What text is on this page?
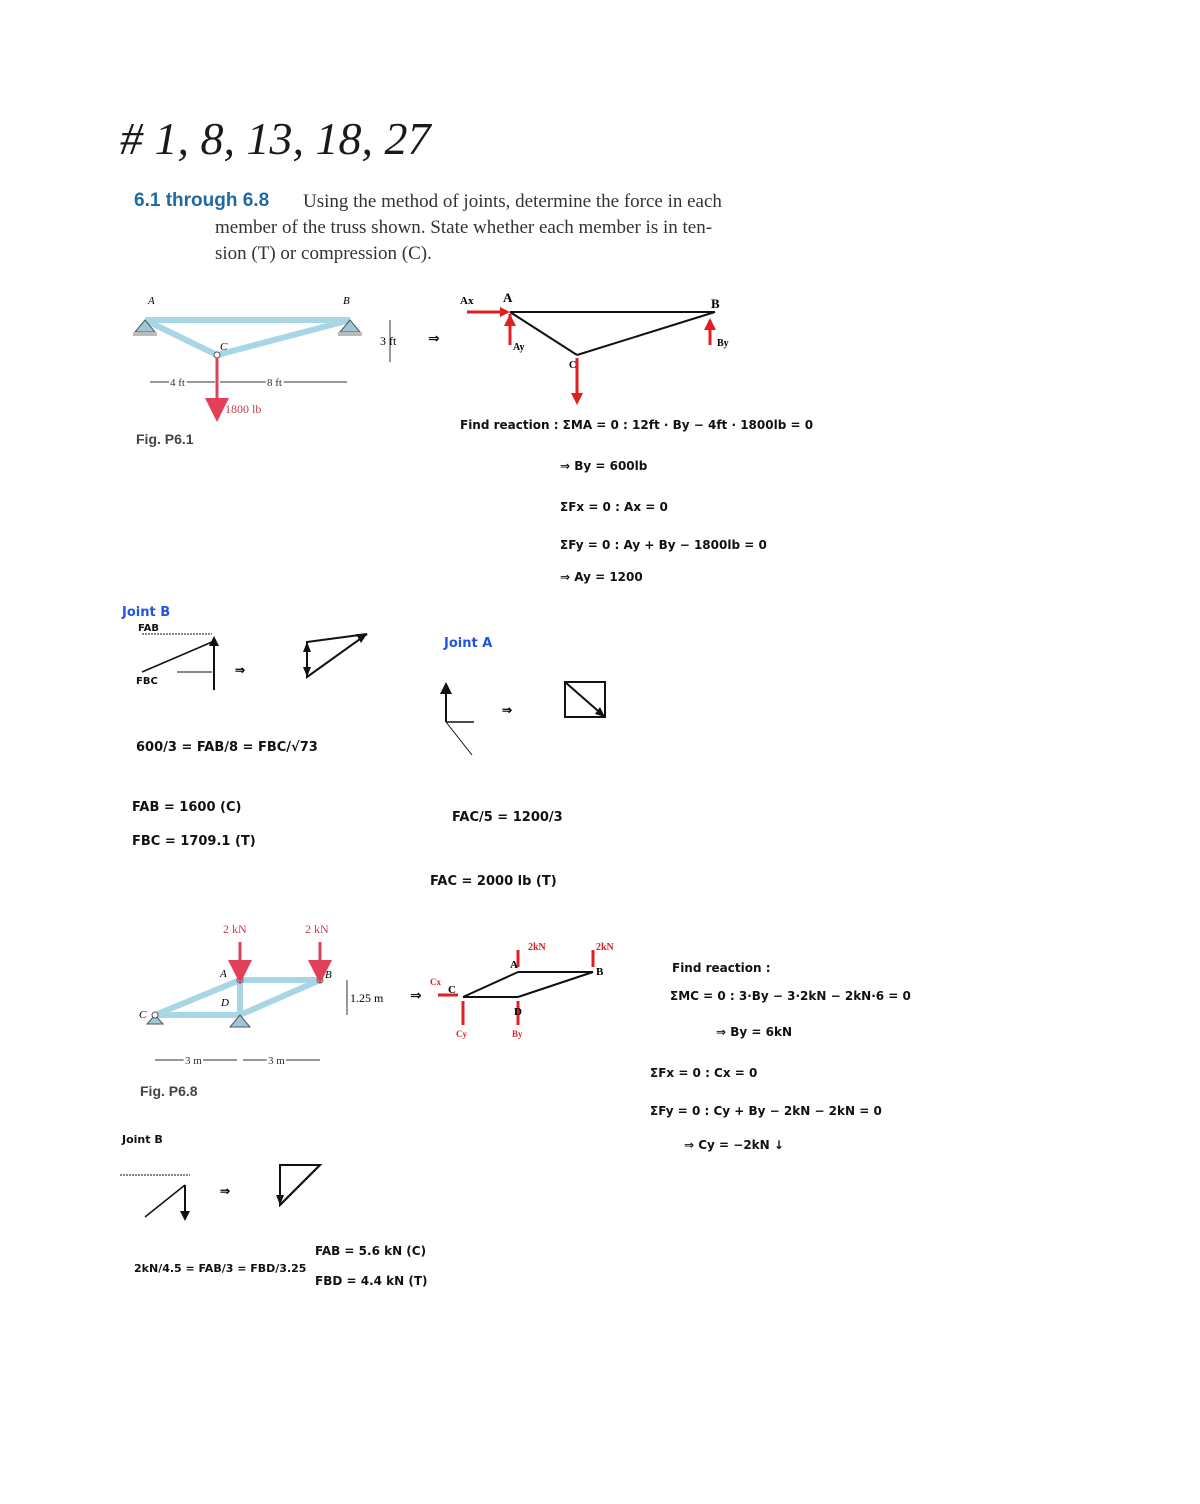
# 1, 8, 13, 18, 27
6.1 through 6.8 Using the method of joints, determine the force in each
member of the truss shown. State whether each member is in ten-
sion (T) or compression (C).
A	B
C	3 ft
4 ft	8 ft
1800 lb
Fig. P6.1
Ax A
Ay
B
By
C
⇒
Find reaction : ΣMA = 0 : 12ft · By − 4ft · 1800lb = 0
⇒ By = 600lb
ΣFx = 0 : Ax = 0
ΣFy = 0 : Ay + By − 1800lb = 0
⇒ Ay = 1200
Joint B
⇒
FAB
FBC
600/3 = FAB/8 = FBC/√73
FAB = 1600 (C)
FBC = 1709.1 (T)
Joint A
⇒
FAC/5 = 1200/3
FAC = 2000 lb (T)
2 kN	2 kN
A	B
C
D	1.25 m
3 m	3 m
Fig. P6.8
⇒
2kN	2kN
A
B
C
D
Cx
Cy	By
Find reaction :
ΣMC = 0 : 3·By − 3·2kN − 2kN·6 = 0
⇒ By = 6kN
ΣFx = 0 : Cx = 0
ΣFy = 0 : Cy + By − 2kN − 2kN = 0
⇒ Cy = −2kN ↓
Joint B
⇒
2kN/4.5 = FAB/3 = FBD/3.25
FAB = 5.6 kN (C)
FBD = 4.4 kN (T)
